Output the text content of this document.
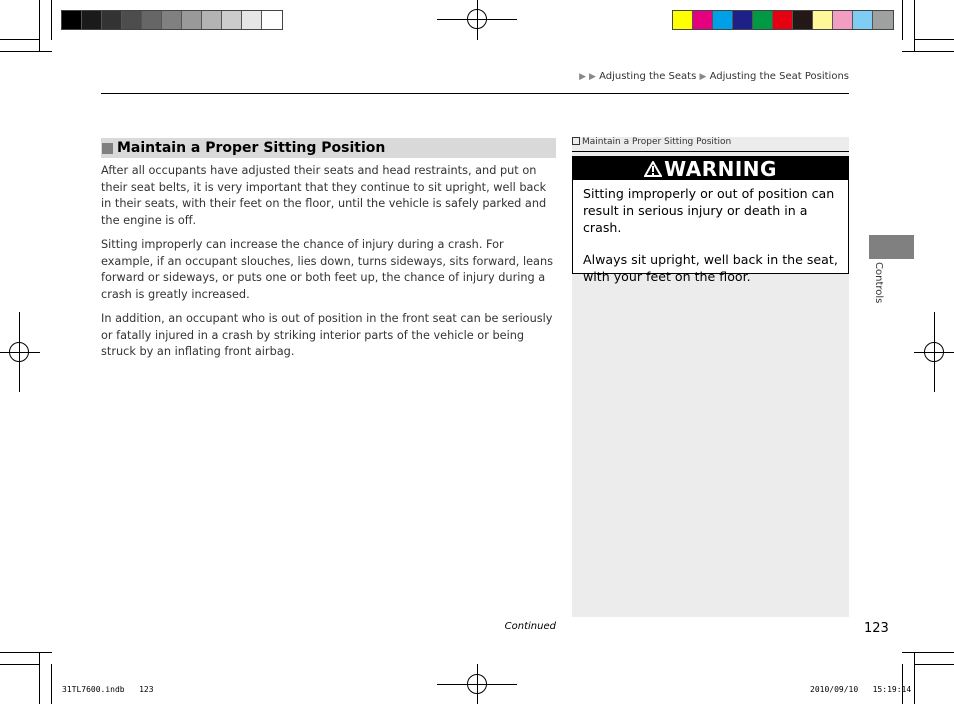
▶ ▶ Adjusting the Seats ▶ Adjusting the Seat Positions
Maintain a Proper Sitting Position

After all occupants have adjusted their seats and head restraints, and put on their seat belts, it is very important that they continue to sit upright, well back in their seats, with their feet on the floor, until the vehicle is safely parked and the engine is off.

Sitting improperly can increase the chance of injury during a crash. For example, if an occupant slouches, lies down, turns sideways, sits forward, leans forward or sideways, or puts one or both feet up, the chance of injury during a crash is greatly increased.

In addition, an occupant who is out of position in the front seat can be seriously or fatally injured in a crash by striking interior parts of the vehicle or being struck by an inflating front airbag.

Maintain a Proper Sitting Position
WARNING

Sitting improperly or out of position can result in serious injury or death in a crash.

Always sit upright, well back in the seat, with your feet on the floor.	Controls
Continued	123
31TL7600.indb   123	2010/09/10   15:19:14
